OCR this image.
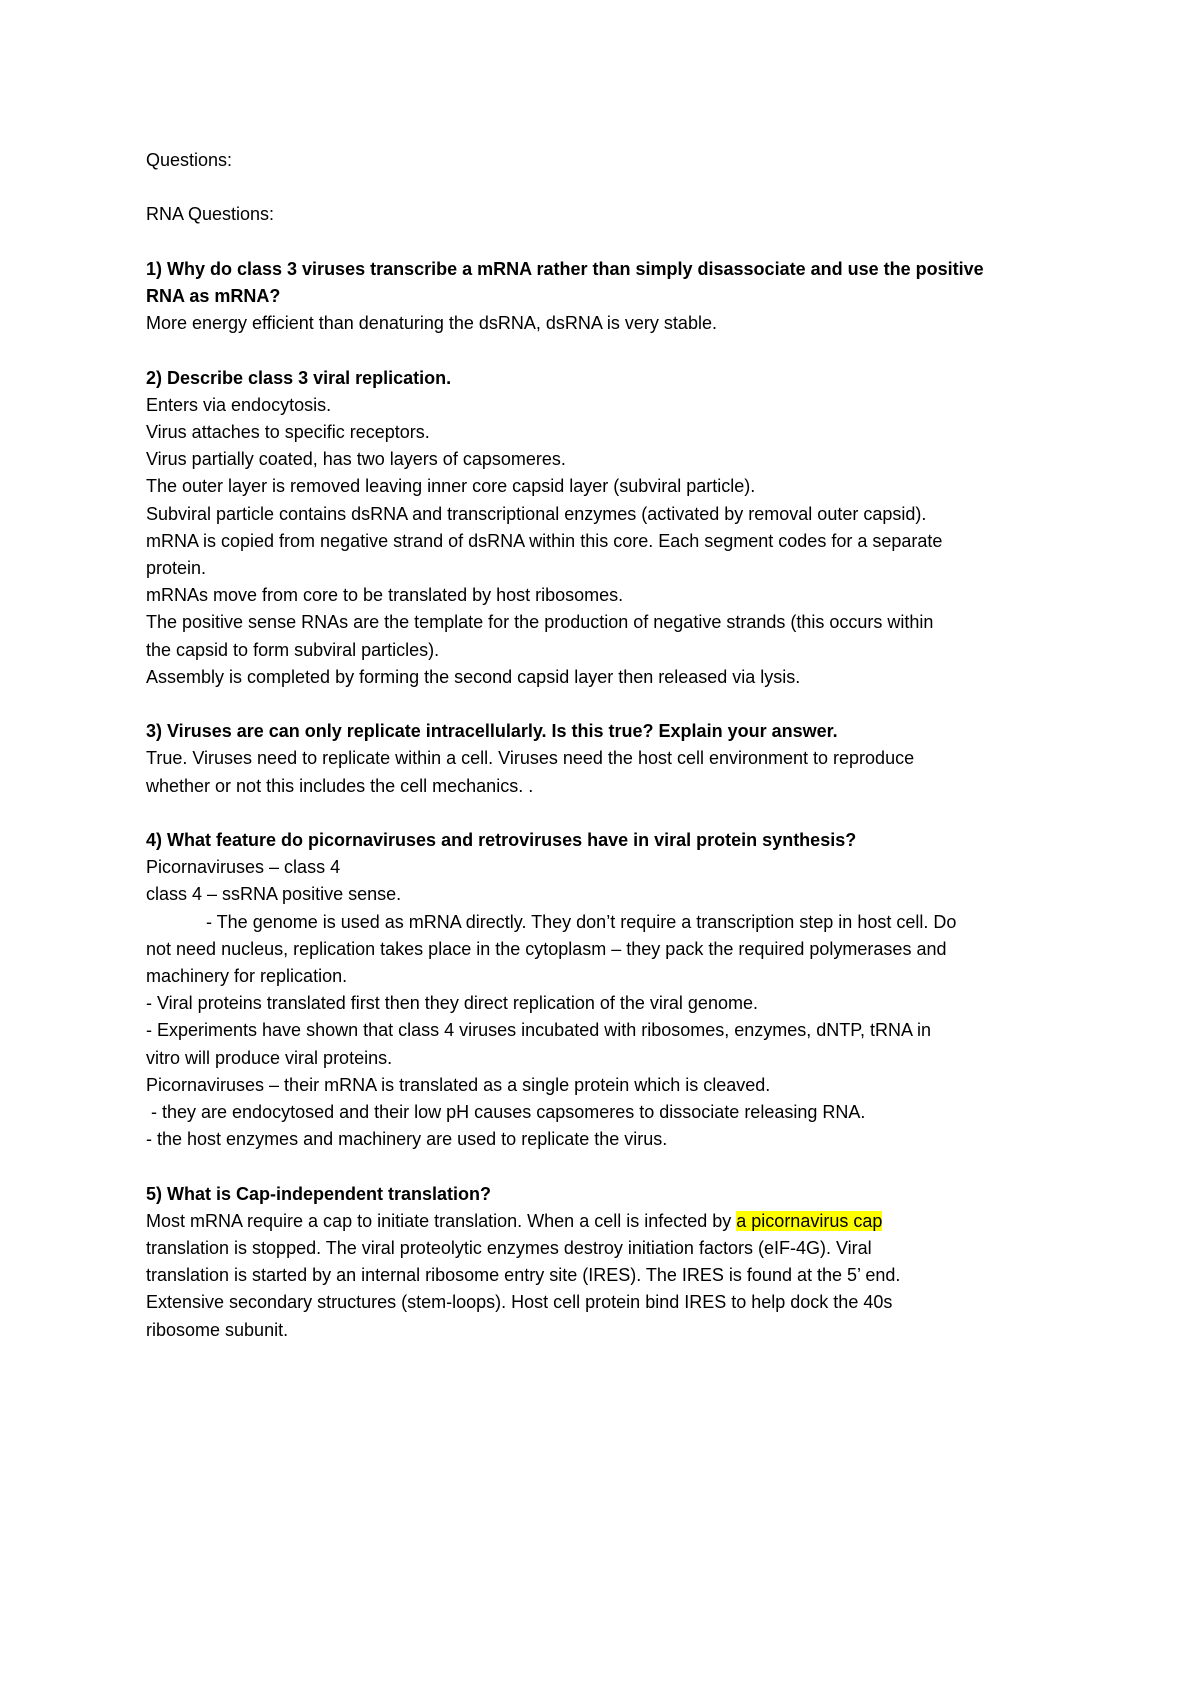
Questions:
RNA Questions:
1) Why do class 3 viruses transcribe a mRNA rather than simply disassociate and use the positive
RNA as mRNA?
More energy efficient than denaturing the dsRNA, dsRNA is very stable.
2) Describe class 3 viral replication.
Enters via endocytosis.
Virus attaches to specific receptors.
Virus partially coated, has two layers of capsomeres.
The outer layer is removed leaving inner core capsid layer (subviral particle).
Subviral particle contains dsRNA and transcriptional enzymes (activated by removal outer capsid).
mRNA is copied from negative strand of dsRNA within this core. Each segment codes for a separate
protein.
mRNAs move from core to be translated by host ribosomes.
The positive sense RNAs are the template for the production of negative strands (this occurs within
the capsid to form subviral particles).
Assembly is completed by forming the second capsid layer then released via lysis.
3) Viruses are can only replicate intracellularly. Is this true? Explain your answer.
True. Viruses need to replicate within a cell. Viruses need the host cell environment to reproduce
whether or not this includes the cell mechanics. .
4) What feature do picornaviruses and retroviruses have in viral protein synthesis?
Picornaviruses – class 4
class 4 – ssRNA positive sense.
- The genome is used as mRNA directly. They don’t require a transcription step in host cell. Do
not need nucleus, replication takes place in the cytoplasm – they pack the required polymerases and
machinery for replication.
- Viral proteins translated first then they direct replication of the viral genome.
- Experiments have shown that class 4 viruses incubated with ribosomes, enzymes, dNTP, tRNA in
vitro will produce viral proteins.
Picornaviruses – their mRNA is translated as a single protein which is cleaved.
- they are endocytosed and their low pH causes capsomeres to dissociate releasing RNA.
- the host enzymes and machinery are used to replicate the virus.
5) What is Cap-independent translation?
Most mRNA require a cap to initiate translation. When a cell is infected by a picornavirus cap
translation is stopped. The viral proteolytic enzymes destroy initiation factors (eIF-4G). Viral
translation is started by an internal ribosome entry site (IRES). The IRES is found at the 5’ end.
Extensive secondary structures (stem-loops). Host cell protein bind IRES to help dock the 40s
ribosome subunit.
